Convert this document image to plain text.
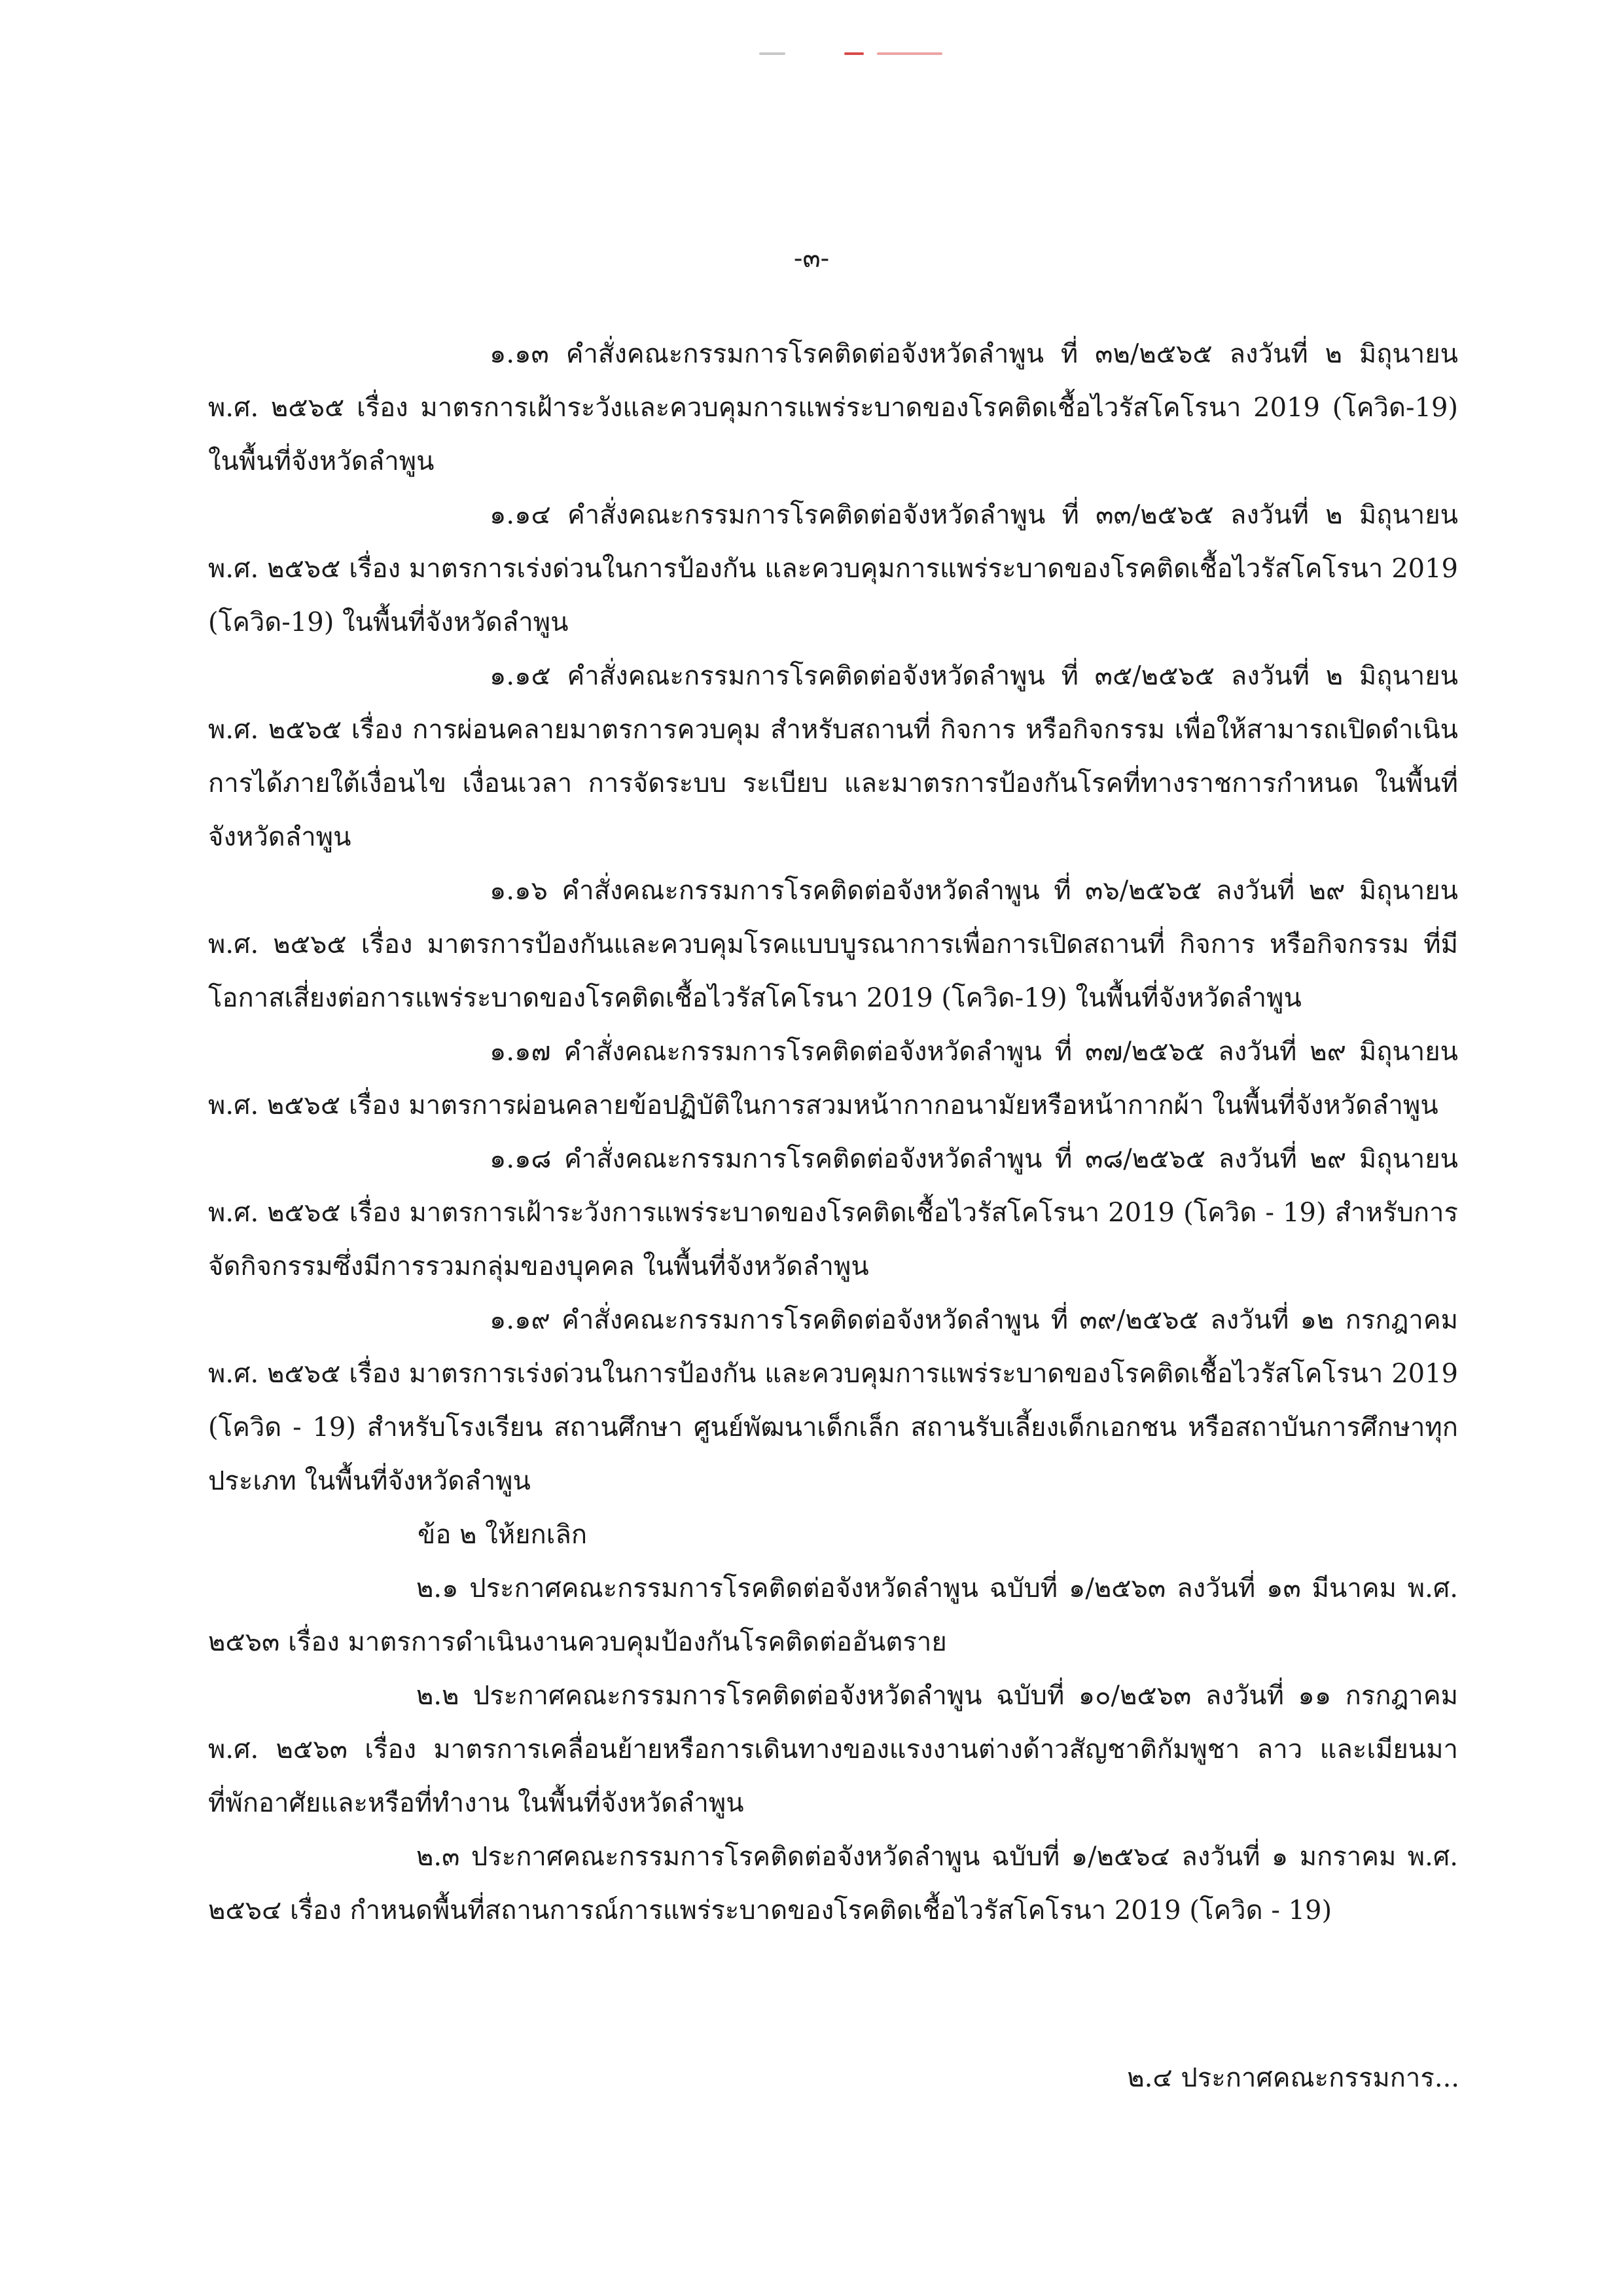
-๓-

๑.๑๓ คำสั่งคณะกรรมการโรคติดต่อจังหวัดลำพูน ที่ ๓๒/๒๕๖๕ ลงวันที่ ๒ มิถุนายน พ.ศ. ๒๕๖๕ เรื่อง มาตรการเฝ้าระวังและควบคุมการแพร่ระบาดของโรคติดเชื้อไวรัสโคโรนา 2019 (โควิด-19) ในพื้นที่จังหวัดลำพูน

๑.๑๔ คำสั่งคณะกรรมการโรคติดต่อจังหวัดลำพูน ที่ ๓๓/๒๕๖๕ ลงวันที่ ๒ มิถุนายน พ.ศ. ๒๕๖๕ เรื่อง มาตรการเร่งด่วนในการป้องกัน และควบคุมการแพร่ระบาดของโรคติดเชื้อไวรัสโคโรนา 2019 (โควิด-19) ในพื้นที่จังหวัดลำพูน

๑.๑๕ คำสั่งคณะกรรมการโรคติดต่อจังหวัดลำพูน ที่ ๓๕/๒๕๖๕ ลงวันที่ ๒ มิถุนายน พ.ศ. ๒๕๖๕ เรื่อง การผ่อนคลายมาตรการควบคุม สำหรับสถานที่ กิจการ หรือกิจกรรม เพื่อให้สามารถเปิดดำเนินการได้ภายใต้เงื่อนไข เงื่อนเวลา การจัดระบบ ระเบียบ และมาตรการป้องกันโรคที่ทางราชการกำหนด ในพื้นที่จังหวัดลำพูน

๑.๑๖ คำสั่งคณะกรรมการโรคติดต่อจังหวัดลำพูน ที่ ๓๖/๒๕๖๕ ลงวันที่ ๒๙ มิถุนายน พ.ศ. ๒๕๖๕ เรื่อง มาตรการป้องกันและควบคุมโรคแบบบูรณาการเพื่อการเปิดสถานที่ กิจการ หรือกิจกรรม ที่มีโอกาสเสี่ยงต่อการแพร่ระบาดของโรคติดเชื้อไวรัสโคโรนา 2019 (โควิด-19) ในพื้นที่จังหวัดลำพูน

๑.๑๗ คำสั่งคณะกรรมการโรคติดต่อจังหวัดลำพูน ที่ ๓๗/๒๕๖๕ ลงวันที่ ๒๙ มิถุนายน พ.ศ. ๒๕๖๕ เรื่อง มาตรการผ่อนคลายข้อปฏิบัติในการสวมหน้ากากอนามัยหรือหน้ากากผ้า ในพื้นที่จังหวัดลำพูน

๑.๑๘ คำสั่งคณะกรรมการโรคติดต่อจังหวัดลำพูน ที่ ๓๘/๒๕๖๕ ลงวันที่ ๒๙ มิถุนายน พ.ศ. ๒๕๖๕ เรื่อง มาตรการเฝ้าระวังการแพร่ระบาดของโรคติดเชื้อไวรัสโคโรนา 2019 (โควิด - 19) สำหรับการจัดกิจกรรมซึ่งมีการรวมกลุ่มของบุคคล ในพื้นที่จังหวัดลำพูน

๑.๑๙ คำสั่งคณะกรรมการโรคติดต่อจังหวัดลำพูน ที่ ๓๙/๒๕๖๕ ลงวันที่ ๑๒ กรกฎาคม พ.ศ. ๒๕๖๕ เรื่อง มาตรการเร่งด่วนในการป้องกัน และควบคุมการแพร่ระบาดของโรคติดเชื้อไวรัสโคโรนา 2019 (โควิด - 19) สำหรับโรงเรียน สถานศึกษา ศูนย์พัฒนาเด็กเล็ก สถานรับเลี้ยงเด็กเอกชน หรือสถาบันการศึกษาทุกประเภท ในพื้นที่จังหวัดลำพูน

ข้อ ๒ ให้ยกเลิก

๒.๑ ประกาศคณะกรรมการโรคติดต่อจังหวัดลำพูน ฉบับที่ ๑/๒๕๖๓ ลงวันที่ ๑๓ มีนาคม พ.ศ. ๒๕๖๓ เรื่อง มาตรการดำเนินงานควบคุมป้องกันโรคติดต่ออันตราย

๒.๒ ประกาศคณะกรรมการโรคติดต่อจังหวัดลำพูน ฉบับที่ ๑๐/๒๕๖๓ ลงวันที่ ๑๑ กรกฎาคม พ.ศ. ๒๕๖๓ เรื่อง มาตรการเคลื่อนย้ายหรือการเดินทางของแรงงานต่างด้าวสัญชาติกัมพูชา ลาว และเมียนมาที่พักอาศัยและหรือที่ทำงาน ในพื้นที่จังหวัดลำพูน

๒.๓ ประกาศคณะกรรมการโรคติดต่อจังหวัดลำพูน ฉบับที่ ๑/๒๕๖๔ ลงวันที่ ๑ มกราคม พ.ศ. ๒๕๖๔ เรื่อง กำหนดพื้นที่สถานการณ์การแพร่ระบาดของโรคติดเชื้อไวรัสโคโรนา 2019 (โควิด - 19)

๒.๔ ประกาศคณะกรรมการ...
